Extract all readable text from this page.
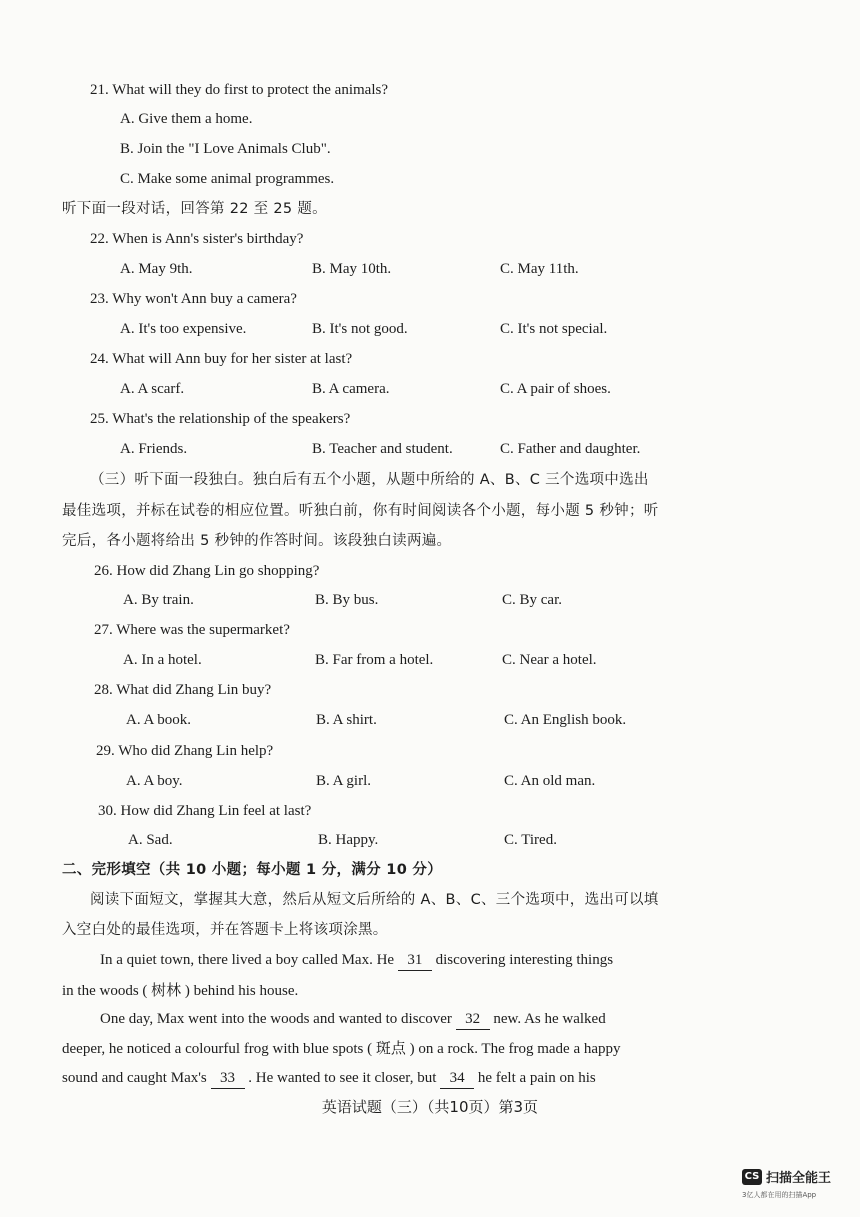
21. What will they do first to protect the animals?
A. Give them a home.
B. Join the "I Love Animals Club".
C. Make some animal programmes.
听下面一段对话，回答第 22 至 25 题。
22. When is Ann's sister's birthday?
A. May 9th.	B. May 10th.	C. May 11th.
23. Why won't Ann buy a camera?
A. It's too expensive.	B. It's not good.	C. It's not special.
24. What will Ann buy for her sister at last?
A. A scarf.	B. A camera.	C. A pair of shoes.
25. What's the relationship of the speakers?
A. Friends.	B. Teacher and student.	C. Father and daughter.
（三）听下面一段独白。独白后有五个小题，从题中所给的 A、B、C 三个选项中选出
最佳选项，并标在试卷的相应位置。听独白前，你有时间阅读各个小题，每小题 5 秒钟；听
完后，各小题将给出 5 秒钟的作答时间。该段独白读两遍。
26. How did Zhang Lin go shopping?
A. By train.	B. By bus.	C. By car.
27. Where was the supermarket?
A. In a hotel.	B. Far from a hotel.	C. Near a hotel.
28. What did Zhang Lin buy?
A. A book.	B. A shirt.	C. An English book.
29. Who did Zhang Lin help?
A. A boy.	B. A girl.	C. An old man.
30. How did Zhang Lin feel at last?
A. Sad.	B. Happy.	C. Tired.
二、完形填空（共 10 小题；每小题 1 分，满分 10 分）
阅读下面短文，掌握其大意，然后从短文后所给的 A、B、C、三个选项中，选出可以填
入空白处的最佳选项，并在答题卡上将该项涂黑。
In a quiet town, there lived a boy called Max. He 31 discovering interesting things
in the woods ( 树林 ) behind his house.
One day, Max went into the woods and wanted to discover 32 new. As he walked
deeper, he noticed a colourful frog with blue spots ( 斑点 ) on a rock. The frog made a happy
sound and caught Max's 33 . He wanted to see it closer, but 34 he felt a pain on his
英语试题（三）（共10页）第3页
CS 扫描全能王
3亿人都在用的扫描App
